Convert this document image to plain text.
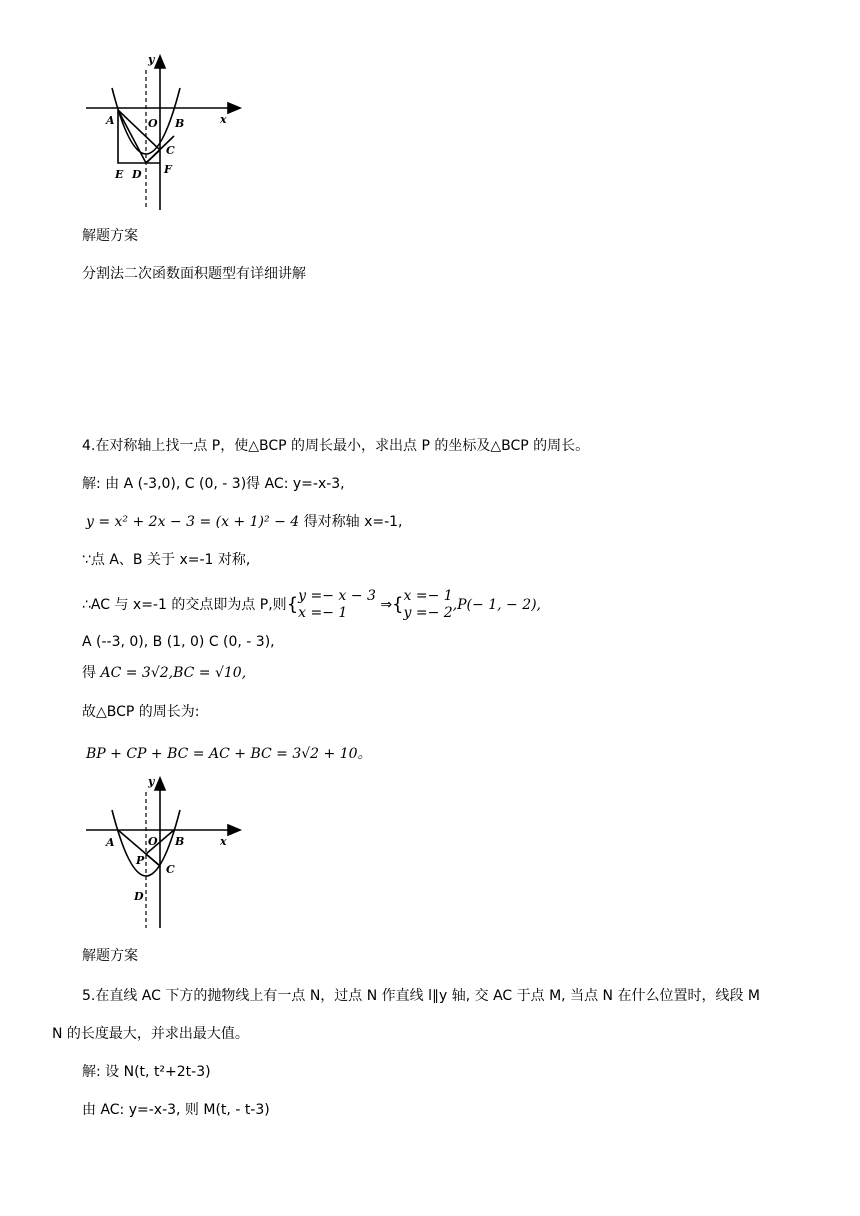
y
x
A	O B
C
E D F
解题方案
分割法二次函数面积题型有详细讲解
4.在对称轴上找一点 P，使△BCP 的周长最小，求出点 P 的坐标及△BCP 的周长。
解: 由 A (-3,0), C (0, - 3)得 AC: y=-x-3,
y = x² + 2x − 3 = (x + 1)² − 4 得对称轴 x=-1,
∵点 A、B 关于 x=-1 对称,
∴AC 与 x=-1 的交点即为点 P,则{y =− x − 3
x =− 1 ⇒{x =− 1
y =− 2,P(− 1, − 2),
A (--3, 0), B (1, 0) C (0, - 3),
得 AC = 3√2,BC = √10,
故△BCP 的周长为:
BP + CP + BC = AC + BC = 3√2 + 10。
y
x
A	O B
P
C
D
解题方案
5.在直线 AC 下方的抛物线上有一点 N，过点 N 作直线 l∥y 轴, 交 AC 于点 M, 当点 N 在什么位置时，线段 M
N 的长度最大，并求出最大值。
解: 设 N(t, t²+2t-3)
由 AC: y=-x-3, 则 M(t, - t-3)
